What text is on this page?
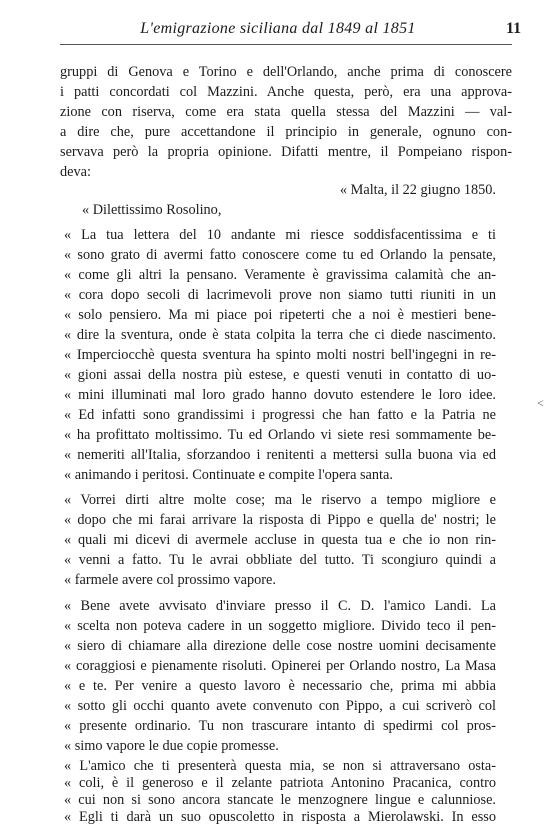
L'emigrazione siciliana dal 1849 al 1851	11
gruppi di Genova e Torino e dell'Orlando, anche prima di conoscere
i patti concordati col Mazzini. Anche questa, però, era una approva-
zione con riserva, come era stata quella stessa del Mazzini — val-
a dire che, pure accettandone il principio in generale, ognuno con-
servava però la propria opinione. Difatti mentre, il Pompeiano rispon-
deva:
« Malta, il 22 giugno 1850.
« Dilettissimo Rosolino,
« La tua lettera del 10 andante mi riesce soddisfacentissima e ti
« sono grato di avermi fatto conoscere come tu ed Orlando la pensate,
« come gli altri la pensano. Veramente è gravissima calamità che an-
« cora dopo secoli di lacrimevoli prove non siamo tutti riuniti in un
« solo pensiero. Ma mi piace poi ripeterti che a noi è mestieri bene-
« dire la sventura, onde è stata colpita la terra che ci diede nascimento.
« Imperciocchè questa sventura ha spinto molti nostri bell'ingegni in re-
« gioni assai della nostra più estese, e questi venuti in contatto di uo-
« mini illuminati mal loro grado hanno dovuto estendere le loro idee.
« Ed infatti sono grandissimi i progressi che han fatto e la Patria ne
« ha profittato moltissimo. Tu ed Orlando vi siete resi sommamente be-
« nemeriti all'Italia, sforzandoo i renitenti a mettersi sulla buona via ed
« animando i peritosi. Continuate e compite l'opera santa.
« Vorrei dirti altre molte cose; ma le riservo a tempo migliore e
« dopo che mi farai arrivare la risposta di Pippo e quella de' nostri; le
« quali mi dicevi di avermele accluse in questa tua e che io non rin-
« venni a fatto. Tu le avrai obbliate del tutto. Ti scongiuro quindi a
« farmele avere col prossimo vapore.
« Bene avete avvisato d'inviare presso il C. D. l'amico Landi. La
« scelta non poteva cadere in un soggetto migliore. Divido teco il pen-
« siero di chiamare alla direzione delle cose nostre uomini decisamente
« coraggiosi e pienamente risoluti. Opinerei per Orlando nostro, La Masa
« e te. Per venire a questo lavoro è necessario che, prima mi abbia
« sotto gli occhi quanto avete convenuto con Pippo, a cui scriverò col
« presente ordinario. Tu non trascurare intanto di spedirmi col pros-
« simo vapore le due copie promesse.
« L'amico che ti presenterà questa mia, se non si attraversano osta-
« coli, è il generoso e il zelante patriota Antonino Pracanica, contro
« cui non si sono ancora stancate le menzognere lingue e calunniose.
« Egli ti darà un suo opuscoletto in risposta a Mierolawski. In esso
<
